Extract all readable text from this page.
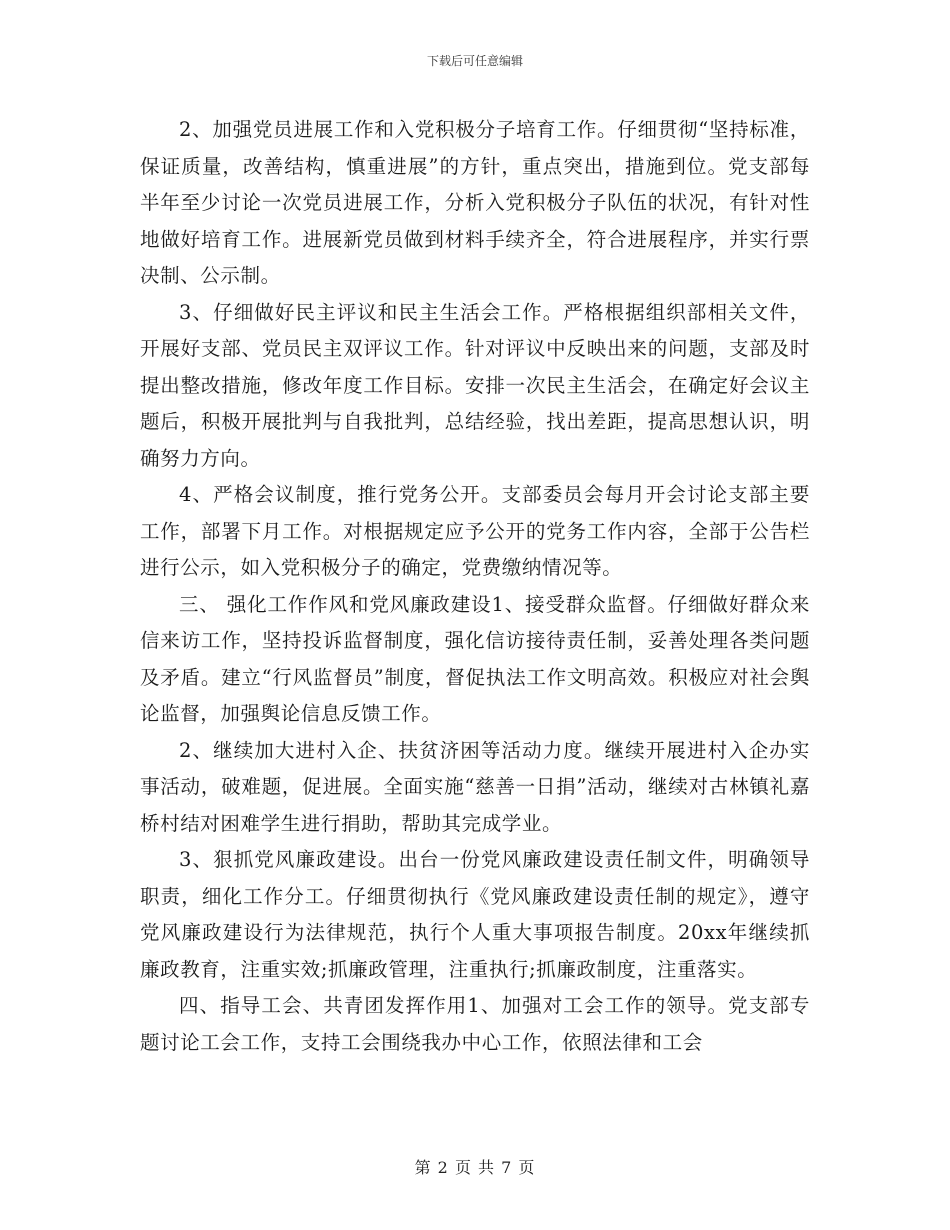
下载后可任意编辑

2、加强党员进展工作和入党积极分子培育工作。仔细贯彻“坚持标准，保证质量，改善结构，慎重进展”的方针，重点突出，措施到位。党支部每半年至少讨论一次党员进展工作，分析入党积极分子队伍的状况，有针对性地做好培育工作。进展新党员做到材料手续齐全，符合进展程序，并实行票决制、公示制。

3、仔细做好民主评议和民主生活会工作。严格根据组织部相关文件，开展好支部、党员民主双评议工作。针对评议中反映出来的问题，支部及时提出整改措施，修改年度工作目标。安排一次民主生活会，在确定好会议主题后，积极开展批判与自我批判，总结经验，找出差距，提高思想认识，明确努力方向。

4、严格会议制度，推行党务公开。支部委员会每月开会讨论支部主要工作，部署下月工作。对根据规定应予公开的党务工作内容，全部于公告栏进行公示，如入党积极分子的确定，党费缴纳情况等。

三、 强化工作作风和党风廉政建设1、接受群众监督。仔细做好群众来信来访工作，坚持投诉监督制度，强化信访接待责任制，妥善处理各类问题及矛盾。建立“行风监督员”制度，督促执法工作文明高效。积极应对社会舆论监督，加强舆论信息反馈工作。

2、继续加大进村入企、扶贫济困等活动力度。继续开展进村入企办实事活动，破难题，促进展。全面实施“慈善一日捐”活动，继续对古林镇礼嘉桥村结对困难学生进行捐助，帮助其完成学业。

3、狠抓党风廉政建设。出台一份党风廉政建设责任制文件，明确领导职责，细化工作分工。仔细贯彻执行《党风廉政建设责任制的规定》，遵守党风廉政建设行为法律规范，执行个人重大事项报告制度。20xx年继续抓廉政教育，注重实效;抓廉政管理，注重执行;抓廉政制度，注重落实。

四、指导工会、共青团发挥作用1、加强对工会工作的领导。党支部专题讨论工会工作，支持工会围绕我办中心工作，依照法律和工会

第 2 页 共 7 页
